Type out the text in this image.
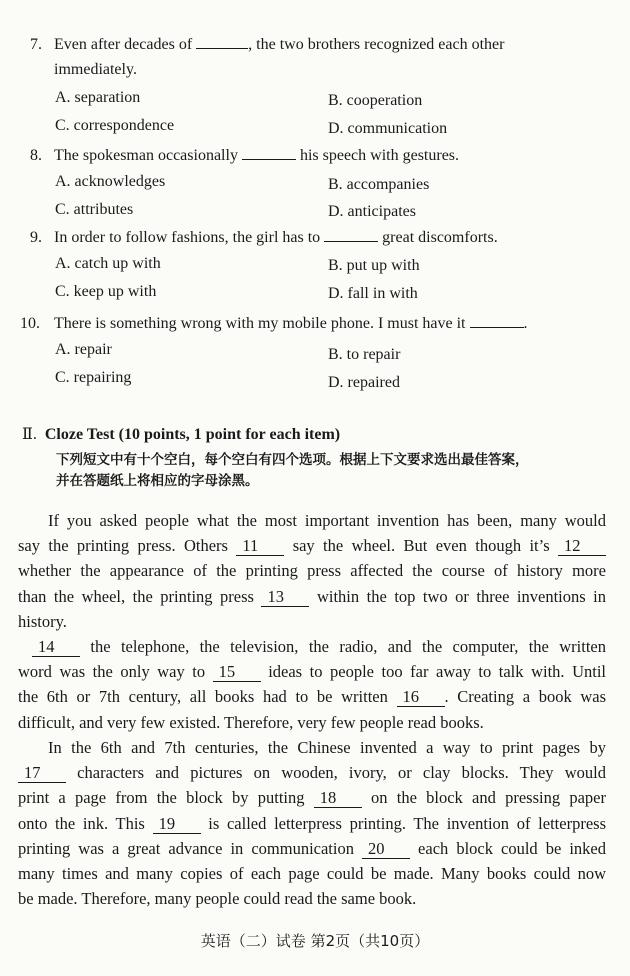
7. Even after decades of	, the two brothers recognized each other
immediately.
A. separation	B. cooperation
C. correspondence	D. communication
8. The spokesman occasionally	his speech with gestures.
A. acknowledges	B. accompanies
C. attributes	D. anticipates
9. In order to follow fashions, the girl has to	great discomforts.
A. catch up with	B. put up with
C. keep up with	D. fall in with
10. There is something wrong with my mobile phone. I must have it	.
A. repair	B. to repair
C. repairing	D. repaired
Ⅱ. Cloze Test (10 points, 1 point for each item)
下列短文中有十个空白，每个空白有四个选项。根据上下文要求选出最佳答案，
并在答题纸上将相应的字母涂黑。
If you asked people what the most important invention has been, many would
say the printing press. Others 11 say the wheel. But even though it’s 12
whether the appearance of the printing press affected the course of history more
than the wheel, the printing press 13 within the top two or three inventions in
history.
14 the telephone, the television, the radio, and the computer, the written
word was the only way to 15 ideas to people too far away to talk with. Until
the 6th or 7th century, all books had to be written 16 . Creating a book was
difficult, and very few existed. Therefore, very few people read books.
In the 6th and 7th centuries, the Chinese invented a way to print pages by
17 characters and pictures on wooden, ivory, or clay blocks. They would
print a page from the block by putting 18 on the block and pressing paper
onto the ink. This 19 is called letterpress printing. The invention of letterpress
printing was a great advance in communication 20 each block could be inked
many times and many copies of each page could be made. Many books could now
be made. Therefore, many people could read the same book.
英语（二）试卷 第2页（共10页）
